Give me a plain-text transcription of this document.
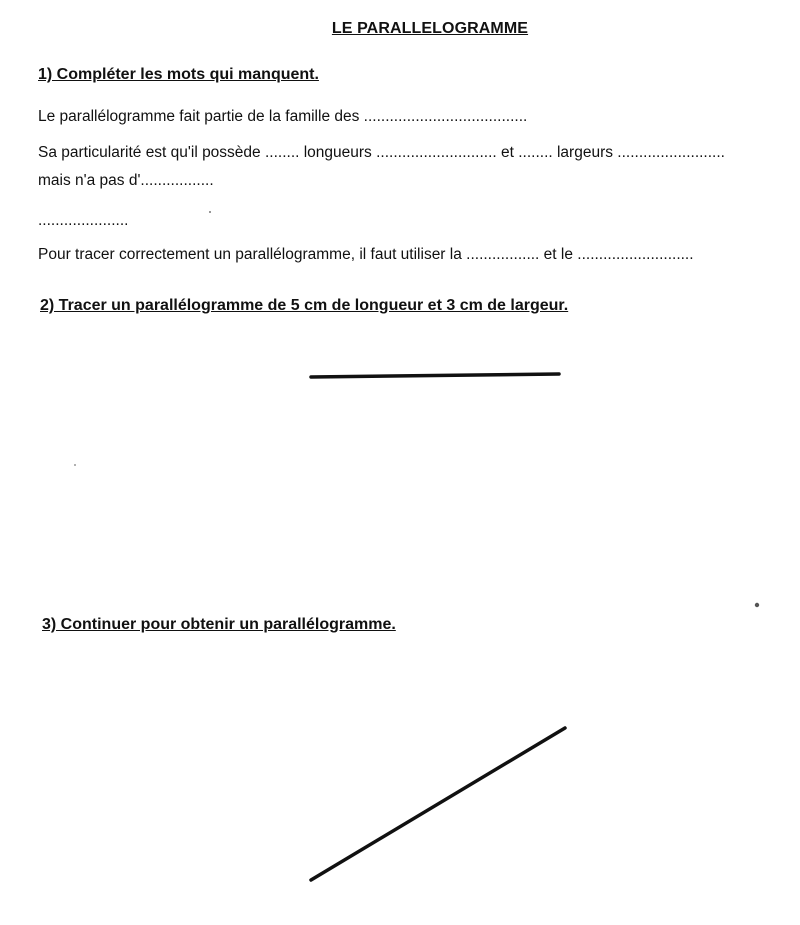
LE PARALLELOGRAMME
1) Compléter les mots qui manquent.
Le parallélogramme fait partie de la famille des ......................................
Sa particularité est qu'il possède ........ longueurs ............................ et ........ largeurs .........................
mais n'a pas d'.................
.....................
Pour tracer correctement un parallélogramme, il faut utiliser la ................. et le ...........................
2) Tracer un parallélogramme de 5 cm de longueur et 3 cm de largeur.
3) Continuer pour obtenir un parallélogramme.
